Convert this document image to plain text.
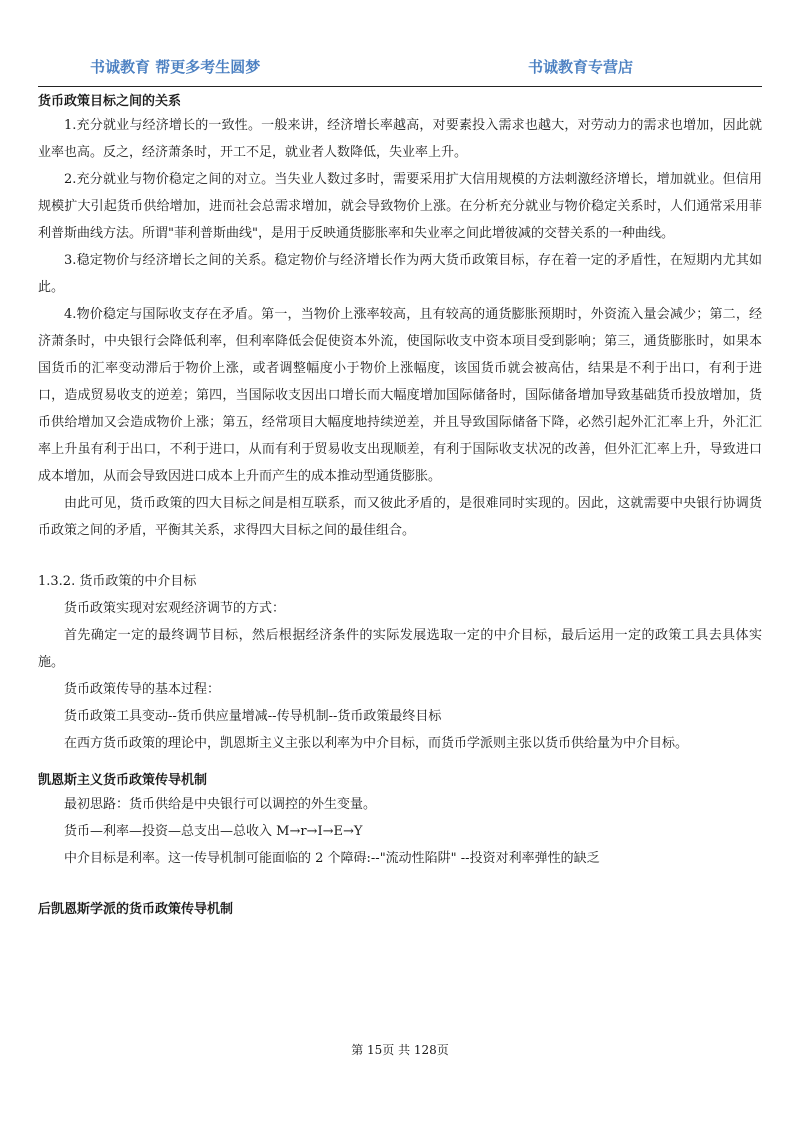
书诚教育 帮更多考生圆梦	书诚教育专营店
货币政策目标之间的关系

1.充分就业与经济增长的一致性。一般来讲，经济增长率越高，对要素投入需求也越大，对劳动力的需求也增加，因此就业率也高。反之，经济萧条时，开工不足，就业者人数降低，失业率上升。

2.充分就业与物价稳定之间的对立。当失业人数过多时，需要采用扩大信用规模的方法刺激经济增长，增加就业。但信用规模扩大引起货币供给增加，进而社会总需求增加，就会导致物价上涨。在分析充分就业与物价稳定关系时，人们通常采用菲利普斯曲线方法。所谓"菲利普斯曲线"，是用于反映通货膨胀率和失业率之间此增彼减的交替关系的一种曲线。

3.稳定物价与经济增长之间的关系。稳定物价与经济增长作为两大货币政策目标，存在着一定的矛盾性，在短期内尤其如此。

4.物价稳定与国际收支存在矛盾。第一，当物价上涨率较高，且有较高的通货膨胀预期时，外资流入量会减少；第二，经济萧条时，中央银行会降低利率，但利率降低会促使资本外流，使国际收支中资本项目受到影响；第三，通货膨胀时，如果本国货币的汇率变动滞后于物价上涨，或者调整幅度小于物价上涨幅度，该国货币就会被高估，结果是不利于出口，有利于进口，造成贸易收支的逆差；第四，当国际收支因出口增长而大幅度增加国际储备时，国际储备增加导致基础货币投放增加，货币供给增加又会造成物价上涨；第五，经常项目大幅度地持续逆差，并且导致国际储备下降，必然引起外汇汇率上升，外汇汇率上升虽有利于出口，不利于进口，从而有利于贸易收支出现顺差，有利于国际收支状况的改善，但外汇汇率上升，导致进口成本增加，从而会导致因进口成本上升而产生的成本推动型通货膨胀。

由此可见，货币政策的四大目标之间是相互联系，而又彼此矛盾的，是很难同时实现的。因此，这就需要中央银行协调货币政策之间的矛盾，平衡其关系，求得四大目标之间的最佳组合。

1.3.2. 货币政策的中介目标

货币政策实现对宏观经济调节的方式：

首先确定一定的最终调节目标，然后根据经济条件的实际发展选取一定的中介目标，最后运用一定的政策工具去具体实施。

货币政策传导的基本过程：

货币政策工具变动--货币供应量增减--传导机制--货币政策最终目标

在西方货币政策的理论中，凯恩斯主义主张以利率为中介目标，而货币学派则主张以货币供给量为中介目标。

凯恩斯主义货币政策传导机制

最初思路：货币供给是中央银行可以调控的外生变量。

货币—利率—投资—总支出—总收入 M→r→I→E→Y

中介目标是利率。这一传导机制可能面临的 2 个障碍:--"流动性陷阱" --投资对利率弹性的缺乏

后凯恩斯学派的货币政策传导机制
第 15页 共 128页
